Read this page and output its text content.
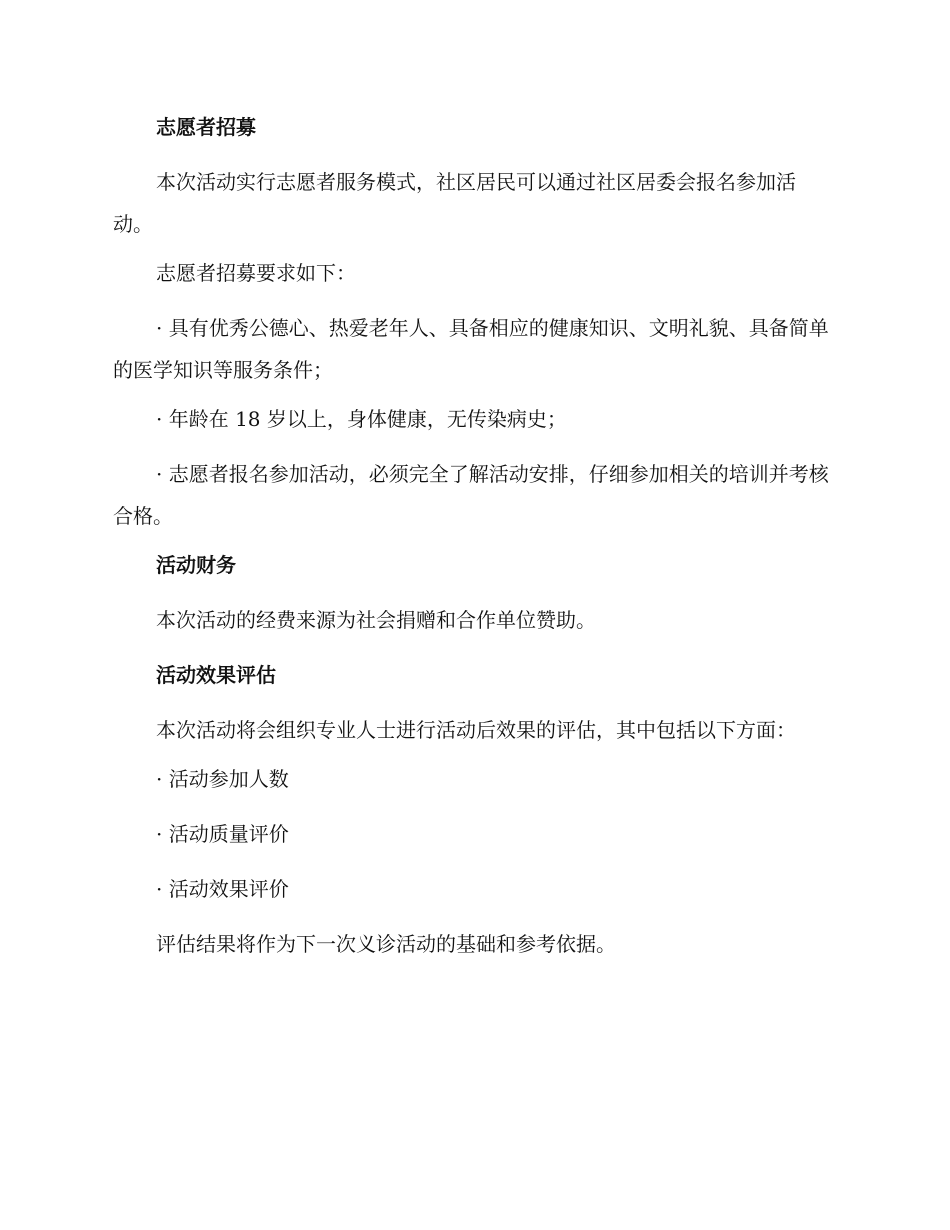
志愿者招募
本次活动实行志愿者服务模式，社区居民可以通过社区居委会报名参加活动。
志愿者招募要求如下：
· 具有优秀公德心、热爱老年人、具备相应的健康知识、文明礼貌、具备简单的医学知识等服务条件；
· 年龄在 18 岁以上，身体健康，无传染病史；
· 志愿者报名参加活动，必须完全了解活动安排，仔细参加相关的培训并考核合格。
活动财务
本次活动的经费来源为社会捐赠和合作单位赞助。
活动效果评估
本次活动将会组织专业人士进行活动后效果的评估，其中包括以下方面：
· 活动参加人数
· 活动质量评价
· 活动效果评价
评估结果将作为下一次义诊活动的基础和参考依据。
